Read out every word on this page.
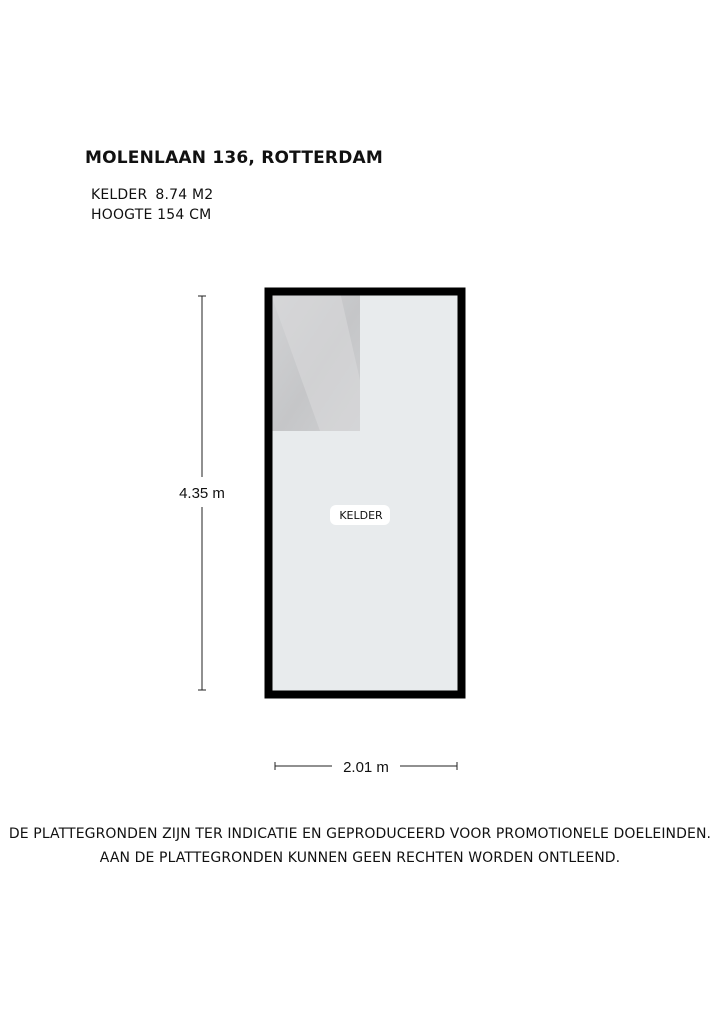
MOLENLAAN 136, ROTTERDAM
KELDER 8.74 M2
HOOGTE 154 CM
KELDER
4.35 m
2.01 m
DE PLATTEGRONDEN ZIJN TER INDICATIE EN GEPRODUCEERD VOOR PROMOTIONELE DOELEINDEN.
AAN DE PLATTEGRONDEN KUNNEN GEEN RECHTEN WORDEN ONTLEEND.
